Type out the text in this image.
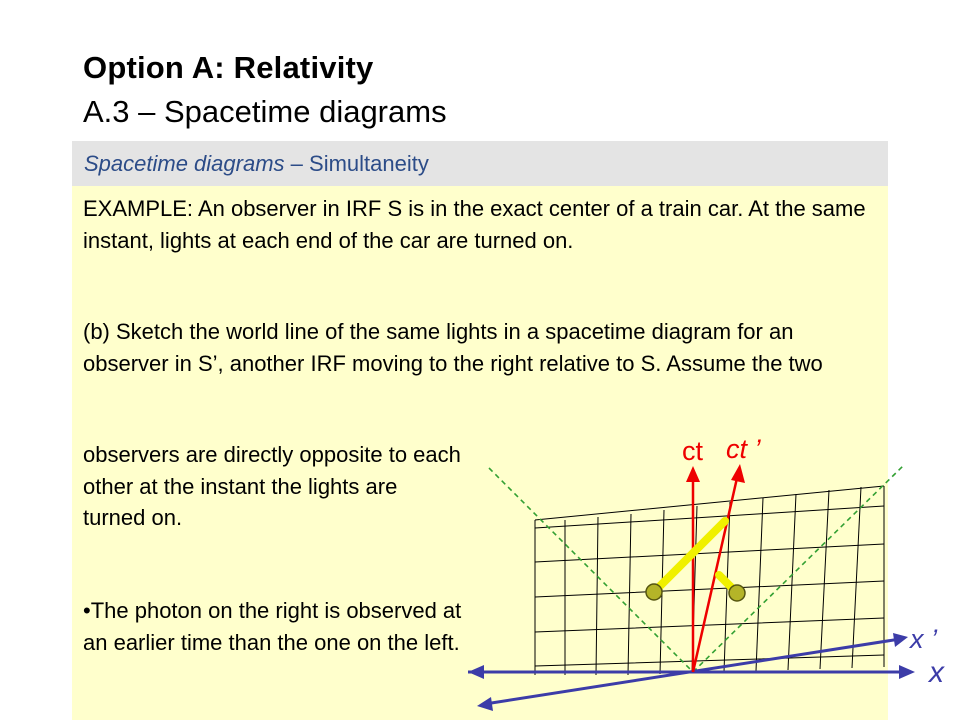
Option A: Relativity
A.3 – Spacetime diagrams
Spacetime diagrams – Simultaneity
EXAMPLE: An observer in IRF S is in the exact center of a train car. At the same instant, lights at each end of the car are turned on.
(b) Sketch the world line of the same lights in a spacetime diagram for an observer in S’, another IRF moving to the right relative to S. Assume the two
observers are directly opposite to each other at the instant the lights are turned on.
•The photon on the right is observed at an earlier time than the one on the left.
ct ct ’
x
x ’
